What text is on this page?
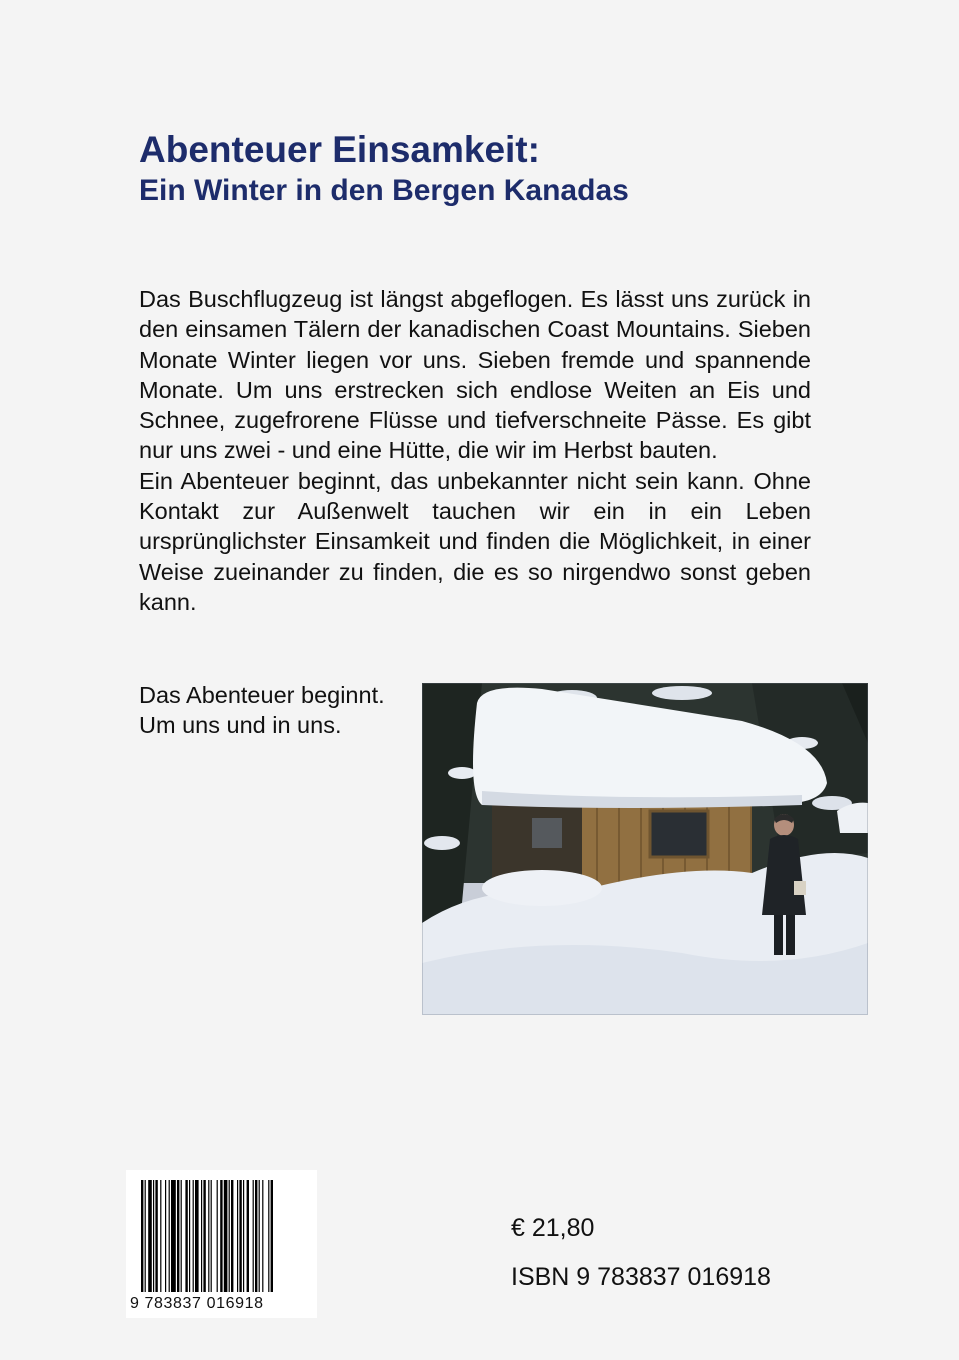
Abenteuer Einsamkeit:
Ein Winter in den Bergen Kanadas
Das Buschflugzeug ist längst abgeflogen. Es lässt uns zurück in den einsamen Tälern der kanadischen Coast Mountains. Sieben Monate Winter liegen vor uns. Sieben fremde und spannende Monate. Um uns erstrecken sich endlose Weiten an Eis und Schnee, zugefrorene Flüsse und tiefverschneite Pässe. Es gibt nur uns zwei - und eine Hütte, die wir im Herbst bauten.
Ein Abenteuer beginnt, das unbekannter nicht sein kann. Ohne Kontakt zur Außenwelt tauchen wir ein in ein Leben ursprünglichster Einsamkeit und finden die Möglichkeit, in einer Weise zueinander zu finden, die es so nirgendwo sonst geben kann.
Das Abenteuer beginnt.
Um uns und in uns.
9 783837 016918
€ 21,80
ISBN 9 783837 016918
